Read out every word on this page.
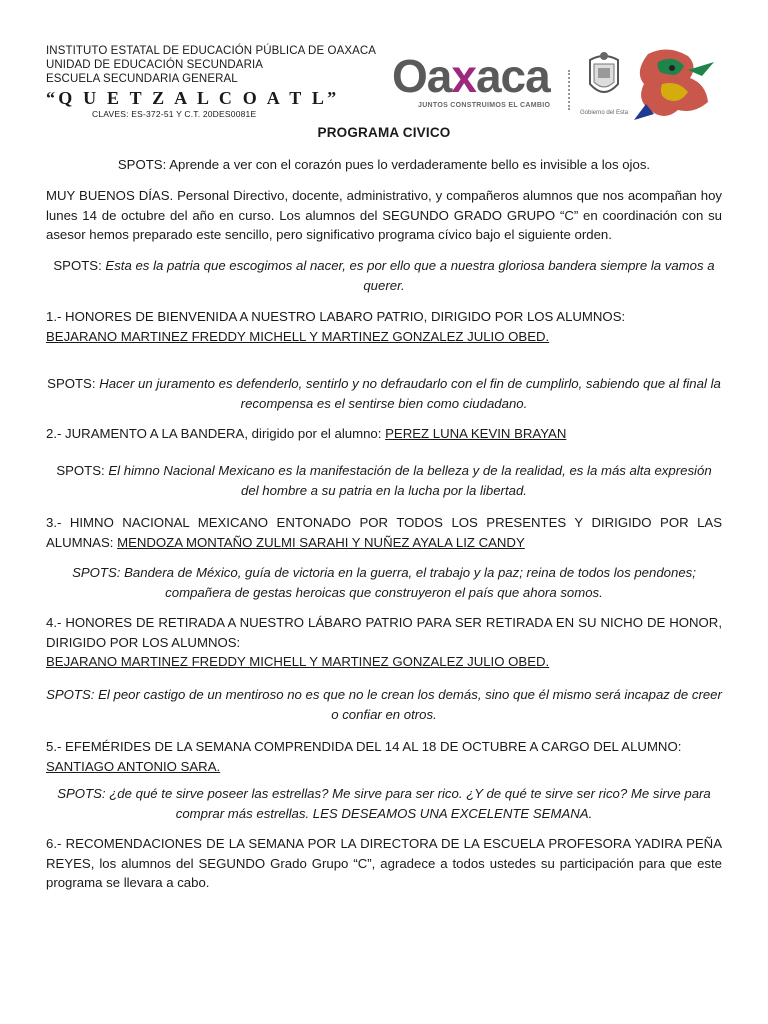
INSTITUTO ESTATAL DE EDUCACIÓN PÚBLICA DE OAXACA
UNIDAD DE EDUCACIÓN SECUNDARIA
ESCUELA SECUNDARIA GENERAL
“Q U E T Z A L C O A T L”
CLAVES: ES-372-51 Y C.T. 20DES0081E
Oaxaca
JUNTOS CONSTRUIMOS EL CAMBIO
Gobierno del Esta
PROGRAMA CIVICO
SPOTS: Aprende a ver con el corazón pues lo verdaderamente bello es invisible a los ojos.
MUY BUENOS DÍAS. Personal Directivo, docente, administrativo, y compañeros alumnos que nos acompañan hoy lunes 14 de octubre del año en curso. Los alumnos del SEGUNDO GRADO GRUPO “C” en coordinación con su asesor hemos preparado este sencillo, pero significativo programa cívico bajo el siguiente orden.
SPOTS: Esta es la patria que escogimos al nacer, es por ello que a nuestra gloriosa bandera siempre la vamos a querer.
1.- HONORES DE BIENVENIDA A NUESTRO LABARO PATRIO, DIRIGIDO POR LOS ALUMNOS:
BEJARANO MARTINEZ FREDDY MICHELL Y MARTINEZ GONZALEZ JULIO OBED.
SPOTS: Hacer un juramento es defenderlo, sentirlo y no defraudarlo con el fin de cumplirlo, sabiendo que al final la recompensa es el sentirse bien como ciudadano.
2.- JURAMENTO A LA BANDERA, dirigido por el alumno: PEREZ LUNA KEVIN BRAYAN
SPOTS: El himno Nacional Mexicano es la manifestación de la belleza y de la realidad, es la más alta expresión del hombre a su patria en la lucha por la libertad.
3.- HIMNO NACIONAL MEXICANO ENTONADO POR TODOS LOS PRESENTES Y DIRIGIDO POR LAS ALUMNAS: MENDOZA MONTAÑO ZULMI SARAHI Y NUÑEZ AYALA LIZ CANDY
SPOTS: Bandera de México, guía de victoria en la guerra, el trabajo y la paz; reina de todos los pendones; compañera de gestas heroicas que construyeron el país que ahora somos.
4.- HONORES DE RETIRADA A NUESTRO LÁBARO PATRIO PARA SER RETIRADA EN SU NICHO DE HONOR, DIRIGIDO POR LOS ALUMNOS:
BEJARANO MARTINEZ FREDDY MICHELL Y MARTINEZ GONZALEZ JULIO OBED.
SPOTS: El peor castigo de un mentiroso no es que no le crean los demás, sino que él mismo será incapaz de creer o confiar en otros.
5.- EFEMÉRIDES DE LA SEMANA COMPRENDIDA DEL 14 AL 18 DE OCTUBRE A CARGO DEL ALUMNO:
SANTIAGO ANTONIO SARA.
SPOTS: ¿de qué te sirve poseer las estrellas? Me sirve para ser rico. ¿Y de qué te sirve ser rico? Me sirve para comprar más estrellas. LES DESEAMOS UNA EXCELENTE SEMANA.
6.- RECOMENDACIONES DE LA SEMANA POR LA DIRECTORA DE LA ESCUELA PROFESORA YADIRA PEÑA REYES, los alumnos del SEGUNDO Grado Grupo “C”, agradece a todos ustedes su participación para que este programa se llevara a cabo.
